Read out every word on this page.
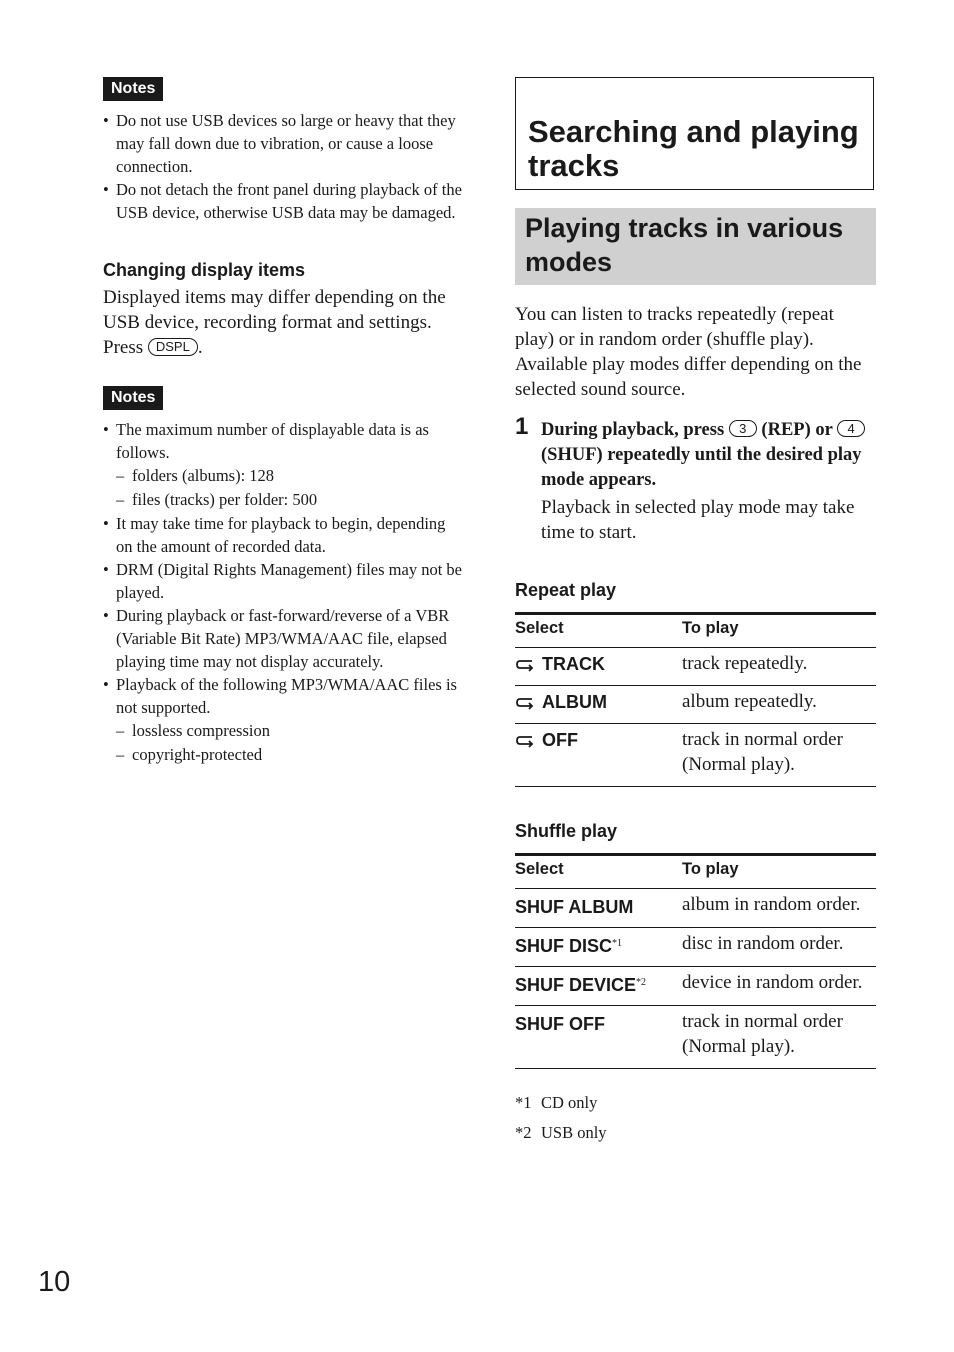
Notes
• Do not use USB devices so large or heavy that they may fall down due to vibration, or cause a loose connection.
• Do not detach the front panel during playback of the USB device, otherwise USB data may be damaged.
Changing display items

Displayed items may differ depending on the USB device, recording format and settings.

Press DSPL .

Notes
• The maximum number of displayable data is as follows.
– folders (albums): 128
– files (tracks) per folder: 500
• It may take time for playback to begin, depending on the amount of recorded data.
• DRM (Digital Rights Management) files may not be played.
• During playback or fast-forward/reverse of a VBR (Variable Bit Rate) MP3/WMA/AAC file, elapsed playing time may not display accurately.
• Playback of the following MP3/WMA/AAC files is not supported.
– lossless compression
– copyright-protected
Searching and playing tracks
Playing tracks in various modes

You can listen to tracks repeatedly (repeat play) or in random order (shuffle play). Available play modes differ depending on the selected sound source.

1 During playback, press 3 (REP) or 4 (SHUF) repeatedly until the desired play mode appears.

Playback in selected play mode may take time to start.

Repeat play
Select	To play
TRACK	track repeatedly.
ALBUM	album repeatedly.
OFF	track in normal order (Normal play).
Shuffle play
Select	To play
SHUF ALBUM	album in random order.
SHUF DISC$^{*1}$	disc in random order.
SHUF DEVICE$^{*2}$	device in random order.
SHUF OFF	track in normal order (Normal play).
*1 CD only
*2 USB only
10
